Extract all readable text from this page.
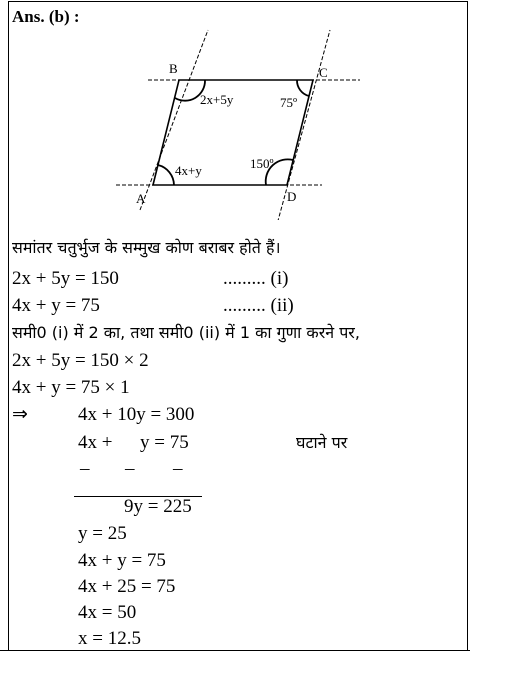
Ans. (b) :
B	C
A	D
2x+5y	75º
150º
4x+y
समांतर चतुर्भुज के सम्मुख कोण बराबर होते हैं।
2x + 5y = 150	......... (i)
4x + y = 75	......... (ii)
समी0 (i) में 2 का, तथा समी0 (ii) में 1 का गुणा करने पर,
2x + 5y = 150 × 2
4x + y = 75 × 1
⇒	4x + 10y = 300
4x + y = 75	घटाने पर
– – –
9y = 225
y = 25
4x + y = 75
4x + 25 = 75
4x = 50
x = 12.5
